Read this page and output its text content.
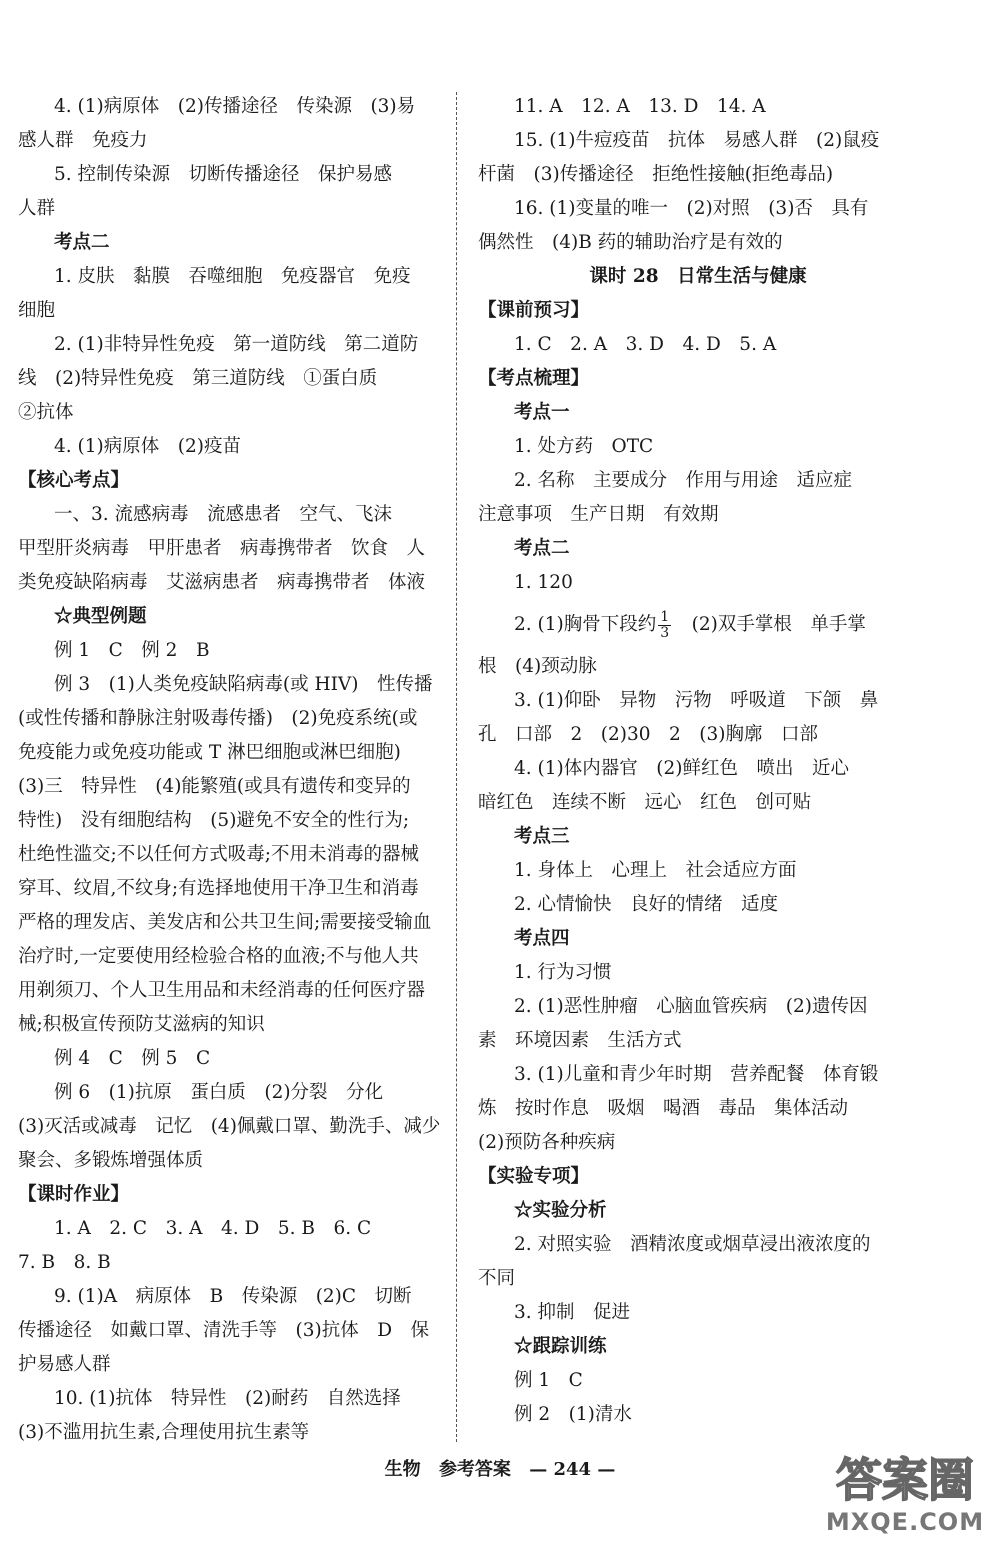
4. (1)病原体　(2)传播途径　传染源　(3)易
感人群　免疫力
5. 控制传染源　切断传播途径　保护易感
人群
考点二
1. 皮肤　黏膜　吞噬细胞　免疫器官　免疫
细胞
2. (1)非特异性免疫　第一道防线　第二道防
线　(2)特异性免疫　第三道防线　①蛋白质
②抗体
4. (1)病原体　(2)疫苗
【核心考点】
一、3. 流感病毒　流感患者　空气、飞沫
甲型肝炎病毒　甲肝患者　病毒携带者　饮食　人
类免疫缺陷病毒　艾滋病患者　病毒携带者　体液
☆典型例题
例 1　C　例 2　B
例 3　(1)人类免疫缺陷病毒(或 HIV)　性传播
(或性传播和静脉注射吸毒传播)　(2)免疫系统(或
免疫能力或免疫功能或 T 淋巴细胞或淋巴细胞)
(3)三　特异性　(4)能繁殖(或具有遗传和变异的
特性)　没有细胞结构　(5)避免不安全的性行为;
杜绝性滥交;不以任何方式吸毒;不用未消毒的器械
穿耳、纹眉,不纹身;有选择地使用干净卫生和消毒
严格的理发店、美发店和公共卫生间;需要接受输血
治疗时,一定要使用经检验合格的血液;不与他人共
用剃须刀、个人卫生用品和未经消毒的任何医疗器
械;积极宣传预防艾滋病的知识
例 4　C　例 5　C
例 6　(1)抗原　蛋白质　(2)分裂　分化
(3)灭活或减毒　记忆　(4)佩戴口罩、勤洗手、减少
聚会、多锻炼增强体质
【课时作业】
1. A　2. C　3. A　4. D　5. B　6. C
7. B　8. B
9. (1)A　病原体　B　传染源　(2)C　切断
传播途径　如戴口罩、清洗手等　(3)抗体　D　保
护易感人群
10. (1)抗体　特异性　(2)耐药　自然选择
(3)不滥用抗生素,合理使用抗生素等
11. A　12. A　13. D　14. A
15. (1)牛痘疫苗　抗体　易感人群　(2)鼠疫
杆菌　(3)传播途径　拒绝性接触(拒绝毒品)
16. (1)变量的唯一　(2)对照　(3)否　具有
偶然性　(4)B 药的辅助治疗是有效的
课时 28　日常生活与健康
【课前预习】
1. C　2. A　3. D　4. D　5. A
【考点梳理】
考点一
1. 处方药　OTC
2. 名称　主要成分　作用与用途　适应症
注意事项　生产日期　有效期
考点二
1. 120
2. (1)胸骨下段约 $\frac{1}{3}$ 　(2)双手掌根　单手掌
根　(4)颈动脉
3. (1)仰卧　异物　污物　呼吸道　下颌　鼻
孔　口部　2　(2)30　2　(3)胸廓　口部
4. (1)体内器官　(2)鲜红色　喷出　近心
暗红色　连续不断　远心　红色　创可贴
考点三
1. 身体上　心理上　社会适应方面
2. 心情愉快　良好的情绪　适度
考点四
1. 行为习惯
2. (1)恶性肿瘤　心脑血管疾病　(2)遗传因
素　环境因素　生活方式
3. (1)儿童和青少年时期　营养配餐　体育锻
炼　按时作息　吸烟　喝酒　毒品　集体活动
(2)预防各种疾病
【实验专项】
☆实验分析
2. 对照实验　酒精浓度或烟草浸出液浓度的
不同
3. 抑制　促进
☆跟踪训练
例 1　C
例 2　(1)清水
生物 参考答案 — 244 —	答案圈
MXQE.COM
